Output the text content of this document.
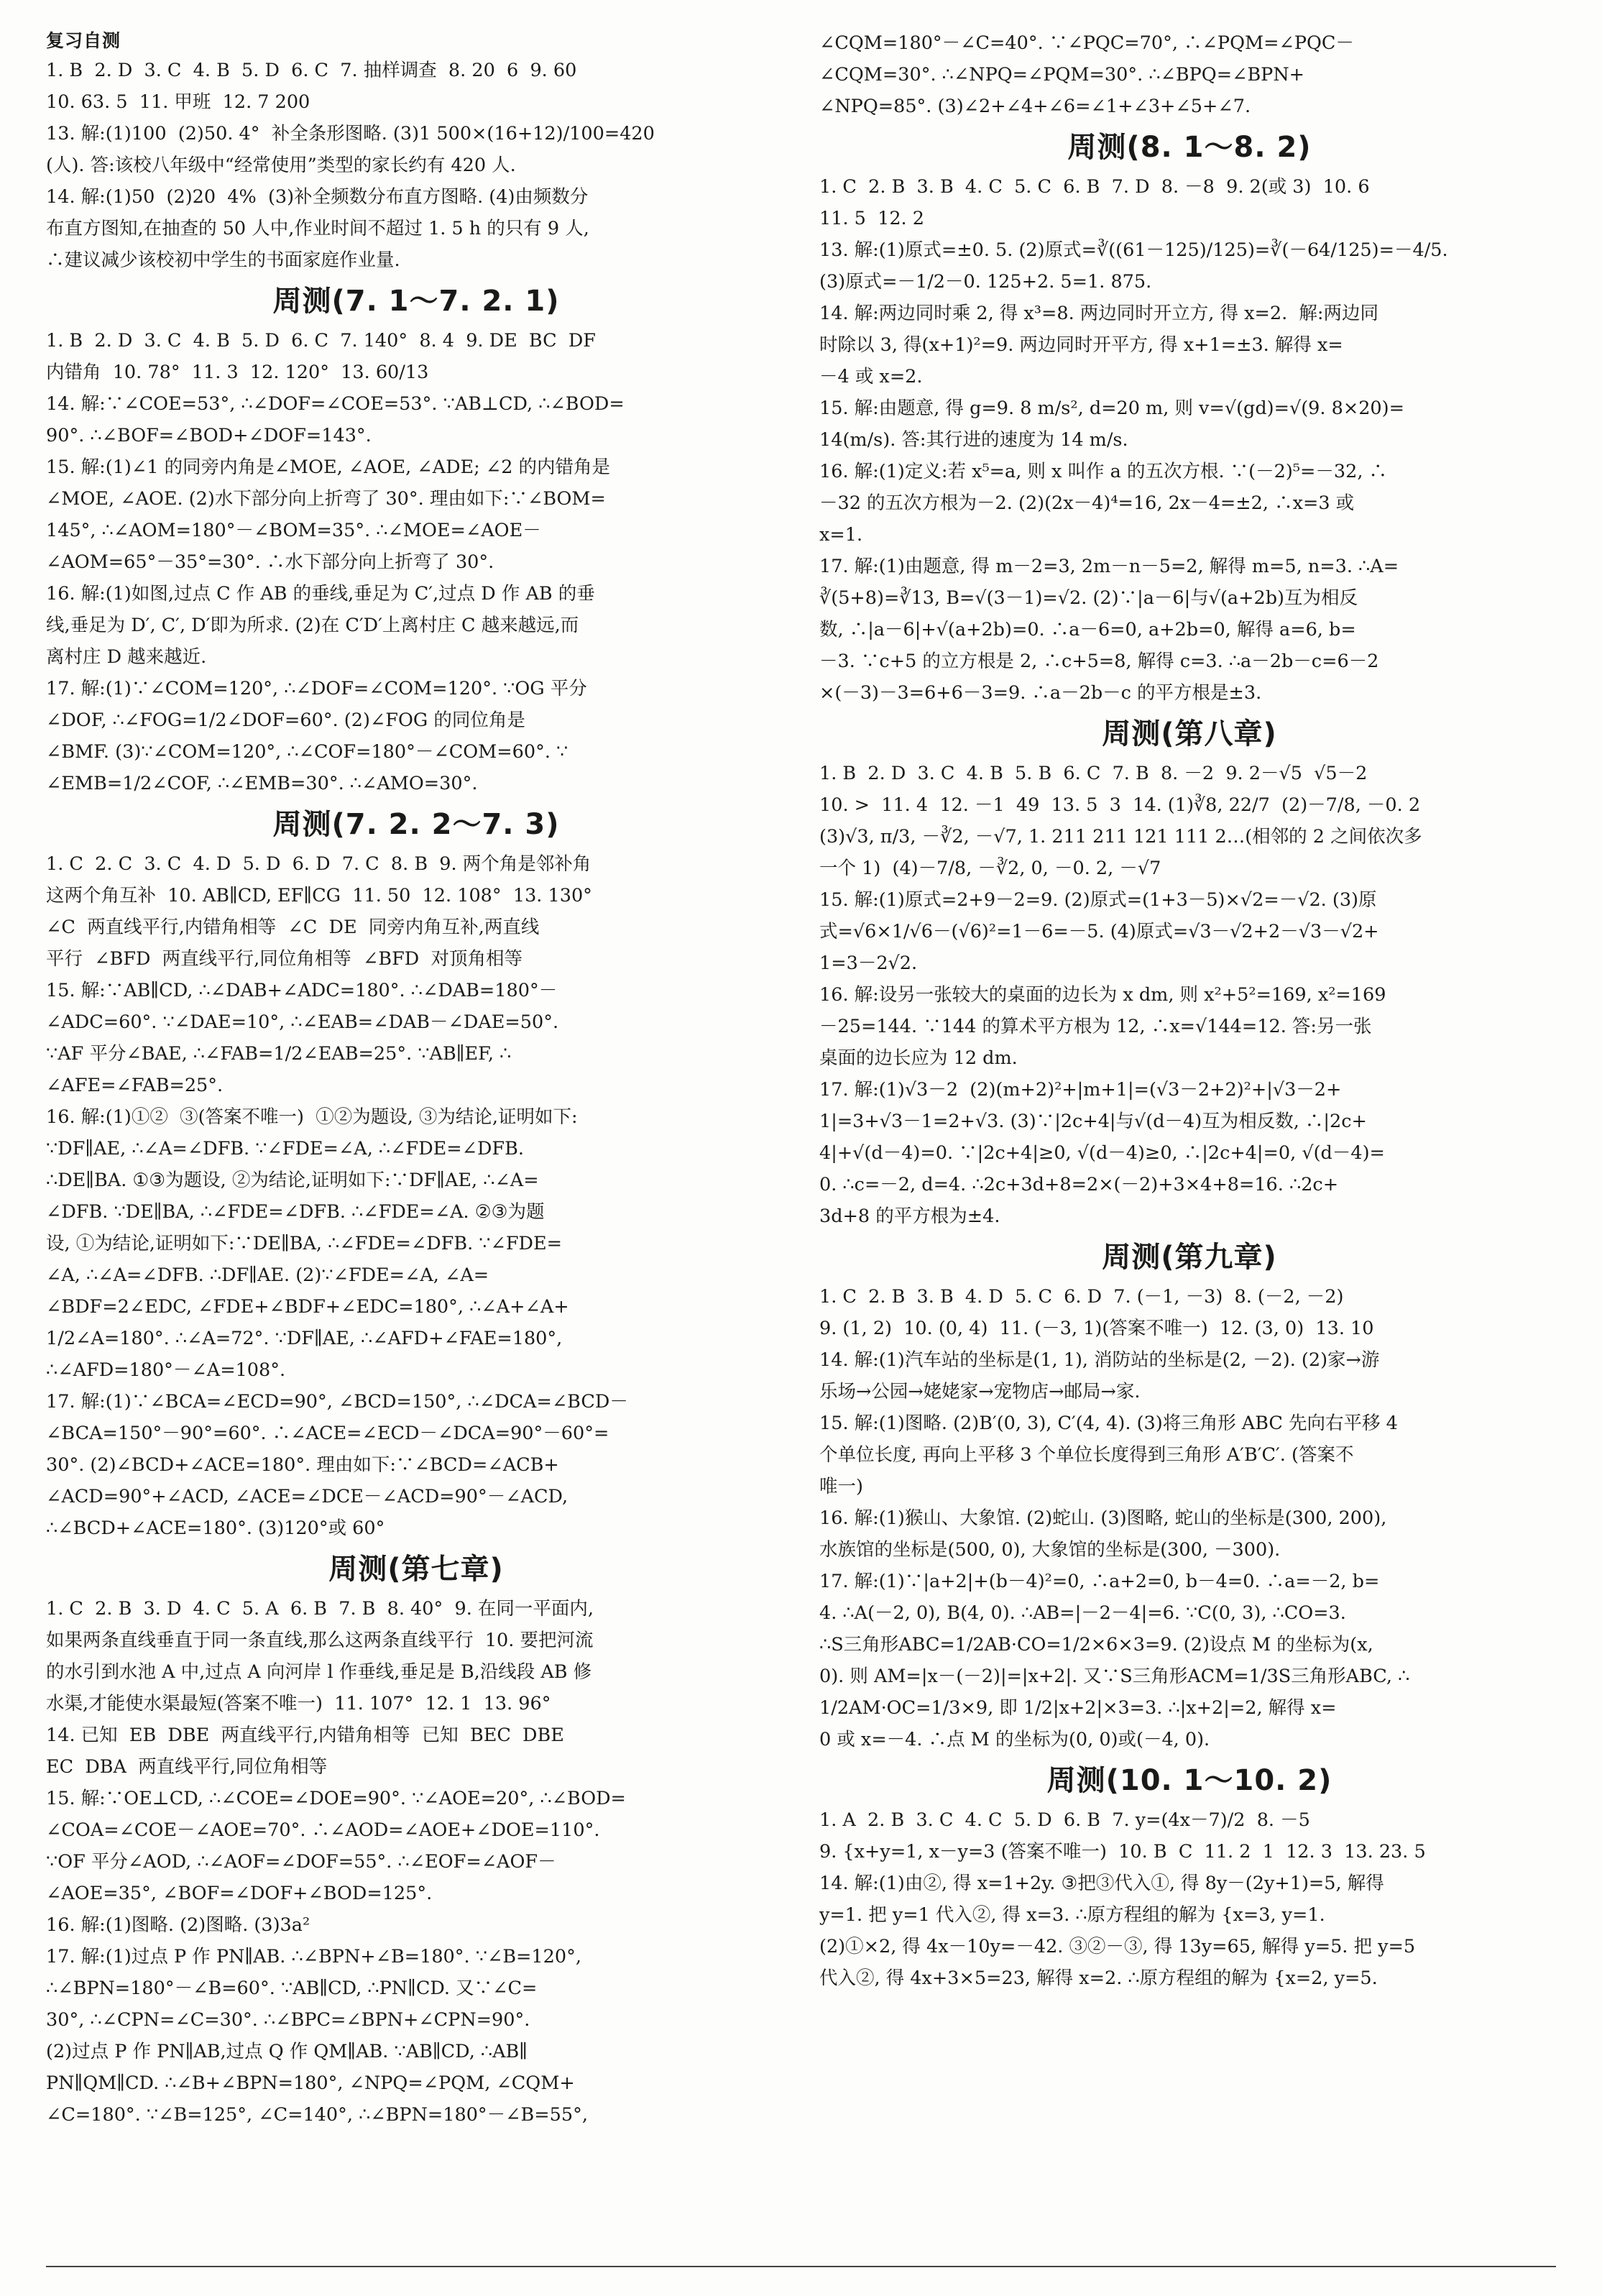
复习自测
1. B  2. D  3. C  4. B  5. D  6. C  7. 抽样调查  8. 20  6  9. 60
10. 63. 5  11. 甲班  12. 7 200
13. 解:(1)100  (2)50. 4°  补全条形图略. (3)1 500×(16+12)/100=420
(人). 答:该校八年级中“经常使用”类型的家长约有 420 人.
14. 解:(1)50  (2)20  4%  (3)补全频数分布直方图略. (4)由频数分
布直方图知,在抽查的 50 人中,作业时间不超过 1. 5 h 的只有 9 人,
∴建议减少该校初中学生的书面家庭作业量.
周测(7. 1～7. 2. 1)
1. B  2. D  3. C  4. B  5. D  6. C  7. 140°  8. 4  9. DE  BC  DF
内错角  10. 78°  11. 3  12. 120°  13. 60/13
14. 解:∵∠COE=53°, ∴∠DOF=∠COE=53°. ∵AB⊥CD, ∴∠BOD=
90°. ∴∠BOF=∠BOD+∠DOF=143°.
15. 解:(1)∠1 的同旁内角是∠MOE, ∠AOE, ∠ADE; ∠2 的内错角是
∠MOE, ∠AOE. (2)水下部分向上折弯了 30°. 理由如下:∵∠BOM=
145°, ∴∠AOM=180°－∠BOM=35°. ∴∠MOE=∠AOE－
∠AOM=65°－35°=30°. ∴水下部分向上折弯了 30°.
16. 解:(1)如图,过点 C 作 AB 的垂线,垂足为 C′,过点 D 作 AB 的垂
线,垂足为 D′, C′, D′即为所求. (2)在 C′D′上离村庄 C 越来越远,而
离村庄 D 越来越近.
17. 解:(1)∵∠COM=120°, ∴∠DOF=∠COM=120°. ∵OG 平分
∠DOF, ∴∠FOG=1/2∠DOF=60°. (2)∠FOG 的同位角是
∠BMF. (3)∵∠COM=120°, ∴∠COF=180°－∠COM=60°. ∵
∠EMB=1/2∠COF, ∴∠EMB=30°. ∴∠AMO=30°.
周测(7. 2. 2～7. 3)
1. C  2. C  3. C  4. D  5. D  6. D  7. C  8. B  9. 两个角是邻补角
这两个角互补  10. AB∥CD, EF∥CG  11. 50  12. 108°  13. 130°
∠C  两直线平行,内错角相等  ∠C  DE  同旁内角互补,两直线
平行  ∠BFD  两直线平行,同位角相等  ∠BFD  对顶角相等
15. 解:∵AB∥CD, ∴∠DAB+∠ADC=180°. ∴∠DAB=180°－
∠ADC=60°. ∵∠DAE=10°, ∴∠EAB=∠DAB－∠DAE=50°.
∵AF 平分∠BAE, ∴∠FAB=1/2∠EAB=25°. ∵AB∥EF, ∴
∠AFE=∠FAB=25°.
16. 解:(1)①②  ③(答案不唯一)  ①②为题设, ③为结论,证明如下:
∵DF∥AE, ∴∠A=∠DFB. ∵∠FDE=∠A, ∴∠FDE=∠DFB.
∴DE∥BA. ①③为题设, ②为结论,证明如下:∵DF∥AE, ∴∠A=
∠DFB. ∵DE∥BA, ∴∠FDE=∠DFB. ∴∠FDE=∠A. ②③为题
设, ①为结论,证明如下:∵DE∥BA, ∴∠FDE=∠DFB. ∵∠FDE=
∠A, ∴∠A=∠DFB. ∴DF∥AE. (2)∵∠FDE=∠A, ∠A=
∠BDF=2∠EDC, ∠FDE+∠BDF+∠EDC=180°, ∴∠A+∠A+
1/2∠A=180°. ∴∠A=72°. ∵DF∥AE, ∴∠AFD+∠FAE=180°,
∴∠AFD=180°－∠A=108°.
17. 解:(1)∵∠BCA=∠ECD=90°, ∠BCD=150°, ∴∠DCA=∠BCD－
∠BCA=150°－90°=60°. ∴∠ACE=∠ECD－∠DCA=90°－60°=
30°. (2)∠BCD+∠ACE=180°. 理由如下:∵∠BCD=∠ACB+
∠ACD=90°+∠ACD, ∠ACE=∠DCE－∠ACD=90°－∠ACD,
∴∠BCD+∠ACE=180°. (3)120°或 60°
周测(第七章)
1. C  2. B  3. D  4. C  5. A  6. B  7. B  8. 40°  9. 在同一平面内,
如果两条直线垂直于同一条直线,那么这两条直线平行  10. 要把河流
的水引到水池 A 中,过点 A 向河岸 l 作垂线,垂足是 B,沿线段 AB 修
水渠,才能使水渠最短(答案不唯一)  11. 107°  12. 1  13. 96°
14. 已知  EB  DBE  两直线平行,内错角相等  已知  BEC  DBE
EC  DBA  两直线平行,同位角相等
15. 解:∵OE⊥CD, ∴∠COE=∠DOE=90°. ∵∠AOE=20°, ∴∠BOD=
∠COA=∠COE－∠AOE=70°. ∴∠AOD=∠AOE+∠DOE=110°.
∵OF 平分∠AOD, ∴∠AOF=∠DOF=55°. ∴∠EOF=∠AOF－
∠AOE=35°, ∠BOF=∠DOF+∠BOD=125°.
16. 解:(1)图略. (2)图略. (3)3a²
17. 解:(1)过点 P 作 PN∥AB. ∴∠BPN+∠B=180°. ∵∠B=120°,
∴∠BPN=180°－∠B=60°. ∵AB∥CD, ∴PN∥CD. 又∵∠C=
30°, ∴∠CPN=∠C=30°. ∴∠BPC=∠BPN+∠CPN=90°.
(2)过点 P 作 PN∥AB,过点 Q 作 QM∥AB. ∵AB∥CD, ∴AB∥
PN∥QM∥CD. ∴∠B+∠BPN=180°, ∠NPQ=∠PQM, ∠CQM+
∠C=180°. ∵∠B=125°, ∠C=140°, ∴∠BPN=180°－∠B=55°,
∠CQM=180°－∠C=40°. ∵∠PQC=70°, ∴∠PQM=∠PQC－
∠CQM=30°. ∴∠NPQ=∠PQM=30°. ∴∠BPQ=∠BPN+
∠NPQ=85°. (3)∠2+∠4+∠6=∠1+∠3+∠5+∠7.
周测(8. 1～8. 2)
1. C  2. B  3. B  4. C  5. C  6. B  7. D  8. －8  9. 2(或 3)  10. 6
11. 5  12. 2
13. 解:(1)原式=±0. 5. (2)原式=∛((61－125)/125)=∛(－64/125)=－4/5.
(3)原式=－1/2－0. 125+2. 5=1. 875.
14. 解:两边同时乘 2, 得 x³=8. 两边同时开立方, 得 x=2.  解:两边同
时除以 3, 得(x+1)²=9. 两边同时开平方, 得 x+1=±3. 解得 x=
－4 或 x=2.
15. 解:由题意, 得 g=9. 8 m/s², d=20 m, 则 v=√(gd)=√(9. 8×20)=
14(m/s). 答:其行进的速度为 14 m/s.
16. 解:(1)定义:若 x⁵=a, 则 x 叫作 a 的五次方根. ∵(－2)⁵=－32, ∴
－32 的五次方根为－2. (2)(2x－4)⁴=16, 2x－4=±2, ∴x=3 或
x=1.
17. 解:(1)由题意, 得 m－2=3, 2m－n－5=2, 解得 m=5, n=3. ∴A=
∛(5+8)=∛13, B=√(3－1)=√2. (2)∵|a－6|与√(a+2b)互为相反
数, ∴|a－6|+√(a+2b)=0. ∴a－6=0, a+2b=0, 解得 a=6, b=
－3. ∵c+5 的立方根是 2, ∴c+5=8, 解得 c=3. ∴a－2b－c=6－2
×(－3)－3=6+6－3=9. ∴a－2b－c 的平方根是±3.
周测(第八章)
1. B  2. D  3. C  4. B  5. B  6. C  7. B  8. －2  9. 2－√5  √5－2
10. >  11. 4  12. －1  49  13. 5  3  14. (1)∛8, 22/7  (2)－7/8, －0. 2
(3)√3, π/3, －∛2, －√7, 1. 211 211 121 111 2…(相邻的 2 之间依次多
一个 1)  (4)－7/8, －∛2, 0, －0. 2, －√7
15. 解:(1)原式=2+9－2=9. (2)原式=(1+3－5)×√2=－√2. (3)原
式=√6×1/√6－(√6)²=1－6=－5. (4)原式=√3－√2+2－√3－√2+
1=3－2√2.
16. 解:设另一张较大的桌面的边长为 x dm, 则 x²+5²=169, x²=169
－25=144. ∵144 的算术平方根为 12, ∴x=√144=12. 答:另一张
桌面的边长应为 12 dm.
17. 解:(1)√3－2  (2)(m+2)²+|m+1|=(√3－2+2)²+|√3－2+
1|=3+√3－1=2+√3. (3)∵|2c+4|与√(d－4)互为相反数, ∴|2c+
4|+√(d－4)=0. ∵|2c+4|≥0, √(d－4)≥0, ∴|2c+4|=0, √(d－4)=
0. ∴c=－2, d=4. ∴2c+3d+8=2×(－2)+3×4+8=16. ∴2c+
3d+8 的平方根为±4.
周测(第九章)
1. C  2. B  3. B  4. D  5. C  6. D  7. (－1, －3)  8. (－2, －2)
9. (1, 2)  10. (0, 4)  11. (－3, 1)(答案不唯一)  12. (3, 0)  13. 10
14. 解:(1)汽车站的坐标是(1, 1), 消防站的坐标是(2, －2). (2)家→游
乐场→公园→姥姥家→宠物店→邮局→家.
15. 解:(1)图略. (2)B′(0, 3), C′(4, 4). (3)将三角形 ABC 先向右平移 4
个单位长度, 再向上平移 3 个单位长度得到三角形 A′B′C′. (答案不
唯一)
16. 解:(1)猴山、大象馆. (2)蛇山. (3)图略, 蛇山的坐标是(300, 200),
水族馆的坐标是(500, 0), 大象馆的坐标是(300, －300).
17. 解:(1)∵|a+2|+(b－4)²=0, ∴a+2=0, b－4=0. ∴a=－2, b=
4. ∴A(－2, 0), B(4, 0). ∴AB=|－2－4|=6. ∵C(0, 3), ∴CO=3.
∴S三角形ABC=1/2AB·CO=1/2×6×3=9. (2)设点 M 的坐标为(x,
0). 则 AM=|x－(－2)|=|x+2|. 又∵S三角形ACM=1/3S三角形ABC, ∴
1/2AM·OC=1/3×9, 即 1/2|x+2|×3=3. ∴|x+2|=2, 解得 x=
0 或 x=－4. ∴点 M 的坐标为(0, 0)或(－4, 0).
周测(10. 1～10. 2)
1. A  2. B  3. C  4. C  5. D  6. B  7. y=(4x－7)/2  8. －5
9. {x+y=1, x－y=3 (答案不唯一)  10. B  C  11. 2  1  12. 3  13. 23. 5
14. 解:(1)由②, 得 x=1+2y. ③把③代入①, 得 8y－(2y+1)=5, 解得
y=1. 把 y=1 代入②, 得 x=3. ∴原方程组的解为 {x=3, y=1.
(2)①×2, 得 4x－10y=－42. ③②－③, 得 13y=65, 解得 y=5. 把 y=5
代入②, 得 4x+3×5=23, 解得 x=2. ∴原方程组的解为 {x=2, y=5.
